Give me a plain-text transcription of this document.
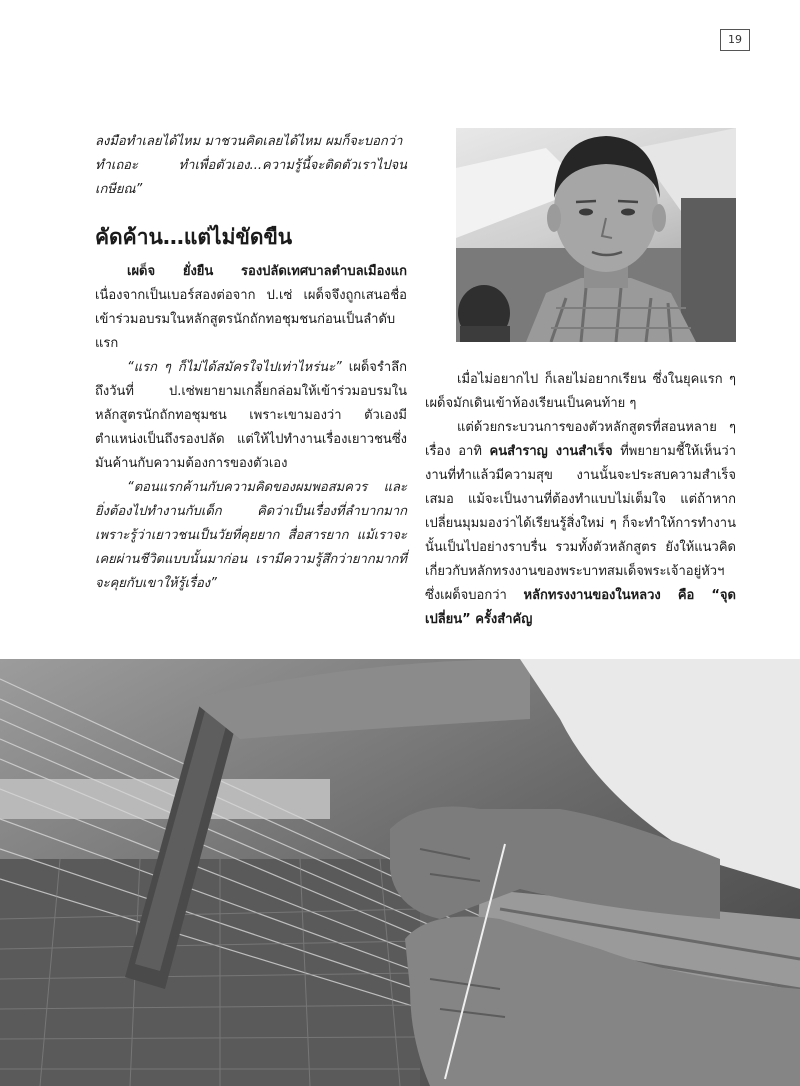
19

ลงมือทำเลยได้ไหม มาชวนคิดเลยได้ไหม ผมก็จะบอกว่า
ทำเถอะ ทำเพื่อตัวเอง...ความรู้นี้จะติดตัวเราไปจนเกษียณ”

คัดค้าน…แต่ไม่ขัดขืน

เผด็จ ยั่งยืน รองปลัดเทศบาลตำบลเมืองแก เนื่องจากเป็นเบอร์สองต่อจาก ป.เซ่ เผด็จจึงถูกเสนอชื่อเข้าร่วมอบรมในหลักสูตรนักถักทอชุมชนก่อนเป็นลำดับแรก

“แรก ๆ ก็ไม่ได้สมัครใจไปเท่าไหร่นะ” เผด็จรำลึกถึงวันที่ ป.เซ่พยายามเกลี้ยกล่อมให้เข้าร่วมอบรมในหลักสูตรนักถักทอชุมชน เพราะเขามองว่า ตัวเองมีตำแหน่งเป็นถึงรองปลัด แต่ให้ไปทำงานเรื่องเยาวชนซึ่งมันค้านกับความต้องการของตัวเอง

“ตอนแรกค้านกับความคิดของผมพอสมควร และยิ่งต้องไปทำงานกับเด็ก คิดว่าเป็นเรื่องที่ลำบากมาก เพราะรู้ว่าเยาวชนเป็นวัยที่คุยยาก สื่อสารยาก แม้เราจะเคยผ่านชีวิตแบบนั้นมาก่อน เรามีความรู้สึกว่ายากมากที่จะคุยกับเขาให้รู้เรื่อง”

เมื่อไม่อยากไป ก็เลยไม่อยากเรียน ซึ่งในยุคแรก ๆ เผด็จมักเดินเข้าห้องเรียนเป็นคนท้าย ๆ

แต่ด้วยกระบวนการของตัวหลักสูตรที่สอนหลาย ๆ เรื่อง อาทิ คนสำราญ งานสำเร็จ ที่พยายามชี้ให้เห็นว่างานที่ทำแล้วมีความสุข งานนั้นจะประสบความสำเร็จเสมอ แม้จะเป็นงานที่ต้องทำแบบไม่เต็มใจ แต่ถ้าหากเปลี่ยนมุมมองว่าได้เรียนรู้สิ่งใหม่ ๆ ก็จะทำให้การทำงานนั้นเป็นไปอย่างราบรื่น รวมทั้งตัวหลักสูตร ยังให้แนวคิดเกี่ยวกับหลักทรงงานของพระบาทสมเด็จพระเจ้าอยู่หัวฯ ซึ่งเผด็จบอกว่า หลักทรงงานของในหลวง คือ “จุดเปลี่ยน” ครั้งสำคัญ
